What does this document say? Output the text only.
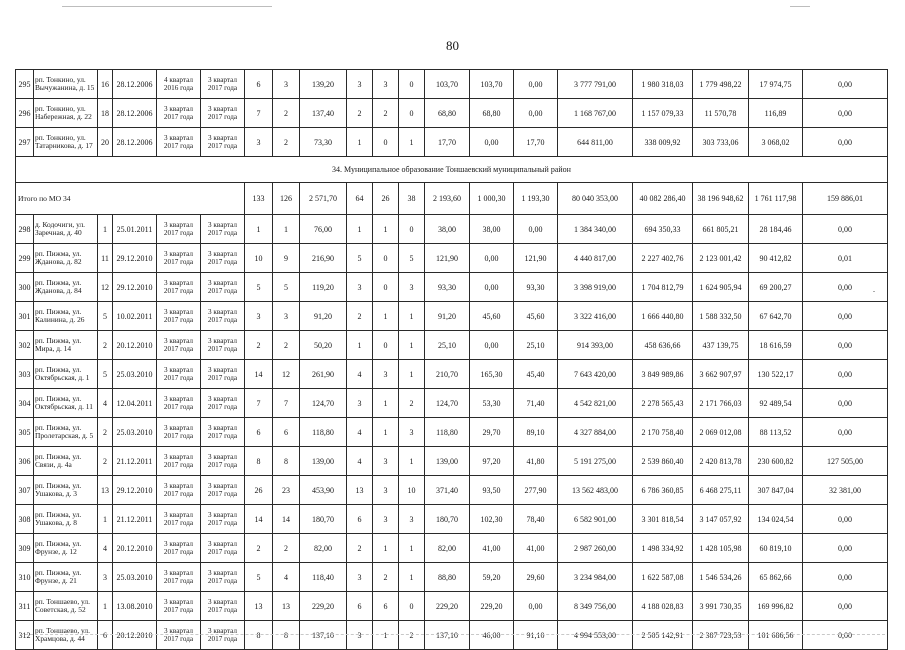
80
295	рп. Тонкино, ул. Вычужанина, д. 15	16	28.12.2006	4 квартал 2016 года	3 квартал 2017 года	6	3	139,20	3	3	0	103,70	103,70	0,00	3 777 791,00	1 980 318,03	1 779 498,22	17 974,75	0,00
296	рп. Тонкино, ул. Набережная, д. 22	18	28.12.2006	3 квартал 2017 года	3 квартал 2017 года	7	2	137,40	2	2	0	68,80	68,80	0,00	1 168 767,00	1 157 079,33	11 570,78	116,89	0,00
297	рп. Тонкино, ул. Татарникова, д. 17	20	28.12.2006	3 квартал 2017 года	3 квартал 2017 года	3	2	73,30	1	0	1	17,70	0,00	17,70	644 811,00	338 009,92	303 733,06	3 068,02	0,00
34. Муниципальное образование Тоншаевский муниципальный район																			
Итого по МО 34						133	126	2 571,70	64	26	38	2 193,60	1 000,30	1 193,30	80 040 353,00	40 082 286,40	38 196 948,62	1 761 117,98	159 886,01
298	д. Кодочиги, ул. Заречная, д. 40	1	25.01.2011	3 квартал 2017 года	3 квартал 2017 года	1	1	76,00	1	1	0	38,00	38,00	0,00	1 384 340,00	694 350,33	661 805,21	28 184,46	0,00
299	рп. Пижма, ул. Жданова, д. 82	11	29.12.2010	3 квартал 2017 года	3 квартал 2017 года	10	9	216,90	5	0	5	121,90	0,00	121,90	4 440 817,00	2 227 402,76	2 123 001,42	90 412,82	0,01
300	рп. Пижма, ул. Жданова, д. 84	12	29.12.2010	3 квартал 2017 года	3 квартал 2017 года	5	5	119,20	3	0	3	93,30	0,00	93,30	3 398 919,00	1 704 812,79	1 624 905,94	69 200,27	0,00
301	рп. Пижма, ул. Калинина, д. 26	5	10.02.2011	3 квартал 2017 года	3 квартал 2017 года	3	3	91,20	2	1	1	91,20	45,60	45,60	3 322 416,00	1 666 440,80	1 588 332,50	67 642,70	0,00
302	рп. Пижма, ул. Мира, д. 14	2	20.12.2010	3 квартал 2017 года	3 квартал 2017 года	2	2	50,20	1	0	1	25,10	0,00	25,10	914 393,00	458 636,66	437 139,75	18 616,59	0,00
303	рп. Пижма, ул. Октябрьская, д. 1	5	25.03.2010	3 квартал 2017 года	3 квартал 2017 года	14	12	261,90	4	3	1	210,70	165,30	45,40	7 643 420,00	3 849 989,86	3 662 907,97	130 522,17	0,00
304	рп. Пижма, ул. Октябрьская, д. 11	4	12.04.2011	3 квартал 2017 года	3 квартал 2017 года	7	7	124,70	3	1	2	124,70	53,30	71,40	4 542 821,00	2 278 565,43	2 171 766,03	92 489,54	0,00
305	рп. Пижма, ул. Пролетарская, д. 5	2	25.03.2010	3 квартал 2017 года	3 квартал 2017 года	6	6	118,80	4	1	3	118,80	29,70	89,10	4 327 884,00	2 170 758,40	2 069 012,08	88 113,52	0,00
306	рп. Пижма, ул. Связи, д. 4а	2	21.12.2011	3 квартал 2017 года	3 квартал 2017 года	8	8	139,00	4	3	1	139,00	97,20	41,80	5 191 275,00	2 539 860,40	2 420 813,78	230 600,82	127 505,00
307	рп. Пижма, ул. Ушакова, д. 3	13	29.12.2010	3 квартал 2017 года	3 квартал 2017 года	26	23	453,90	13	3	10	371,40	93,50	277,90	13 562 483,00	6 786 360,85	6 468 275,11	307 847,04	32 381,00
308	рп. Пижма, ул. Ушакова, д. 8	1	21.12.2011	3 квартал 2017 года	3 квартал 2017 года	14	14	180,70	6	3	3	180,70	102,30	78,40	6 582 901,00	3 301 818,54	3 147 057,92	134 024,54	0,00
309	рп. Пижма, ул. Фрунзе, д. 12	4	20.12.2010	3 квартал 2017 года	3 квартал 2017 года	2	2	82,00	2	1	1	82,00	41,00	41,00	2 987 260,00	1 498 334,92	1 428 105,98	60 819,10	0,00
310	рп. Пижма, ул. Фрунзе, д. 21	3	25.03.2010	3 квартал 2017 года	3 квартал 2017 года	5	4	118,40	3	2	1	88,80	59,20	29,60	3 234 984,00	1 622 587,08	1 546 534,26	65 862,66	0,00
311	рп. Тоншаево, ул. Советская, д. 52	1	13.08.2010	3 квартал 2017 года	3 квартал 2017 года	13	13	229,20	6	6	0	229,20	229,20	0,00	8 349 756,00	4 188 028,83	3 991 730,35	169 996,82	0,00
312	рп. Тоншаево, ул. Храмцова, д. 44	6	20.12.2010	3 квартал 2017 года	3 квартал 2017 года	8	8	137,10	3	1	2	137,10	46,00	91,10	4 994 553,00	2 505 142,91	2 387 723,53	101 686,56	0,00
.
